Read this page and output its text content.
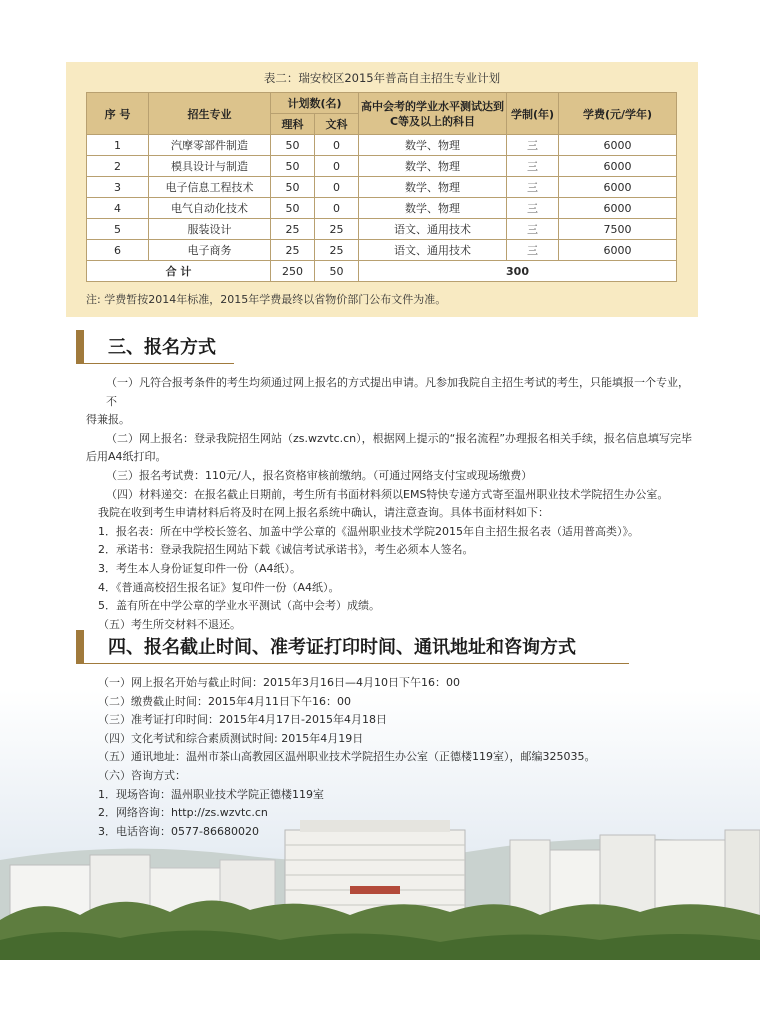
表二：瑞安校区2015年普高自主招生专业计划
序 号	招生专业	计划数(名)		高中会考的学业水平测试达到C等及以上的科目	学制(年)	学费(元/学年)
		理科	文科			
1	汽摩零部件制造	50	0	数学、物理	三	6000
2	模具设计与制造	50	0	数学、物理	三	6000
3	电子信息工程技术	50	0	数学、物理	三	6000
4	电气自动化技术	50	0	数学、物理	三	6000
5	服装设计	25	25	语文、通用技术	三	7500
6	电子商务	25	25	语文、通用技术	三	6000
合 计		250	50	300		
注: 学费暂按2014年标准，2015年学费最终以省物价部门公布文件为准。
三、报名方式

（一）凡符合报考条件的考生均须通过网上报名的方式提出申请。凡参加我院自主招生考试的考生，只能填报一个专业，不

得兼报。

（二）网上报名：登录我院招生网站（zs.wzvtc.cn），根据网上提示的“报名流程”办理报名相关手续，报名信息填写完毕

后用A4纸打印。

（三）报名考试费：110元/人，报名资格审核前缴纳。（可通过网络支付宝或现场缴费）

（四）材料递交：在报名截止日期前，考生所有书面材料须以EMS特快专递方式寄至温州职业技术学院招生办公室。

我院在收到考生申请材料后将及时在网上报名系统中确认，请注意查询。具体书面材料如下：

1．报名表：所在中学校长签名、加盖中学公章的《温州职业技术学院2015年自主招生报名表（适用普高类）》。

2．承诺书：登录我院招生网站下载《诚信考试承诺书》，考生必须本人签名。

3．考生本人身份证复印件一份（A4纸）。

4．《普通高校招生报名证》复印件一份（A4纸）。

5．盖有所在中学公章的学业水平测试（高中会考）成绩。

（五）考生所交材料不退还。

四、报名截止时间、准考证打印时间、通讯地址和咨询方式

（一）网上报名开始与截止时间：2015年3月16日—4月10日下午16：00

（二）缴费截止时间：2015年4月11日下午16：00

（三）准考证打印时间：2015年4月17日-2015年4月18日

（四）文化考试和综合素质测试时间: 2015年4月19日

（五）通讯地址：温州市茶山高教园区温州职业技术学院招生办公室（正德楼119室），邮编325035。

（六）咨询方式：

1．现场咨询：温州职业技术学院正德楼119室

2．网络咨询：http://zs.wzvtc.cn

3．电话咨询：0577-86680020
